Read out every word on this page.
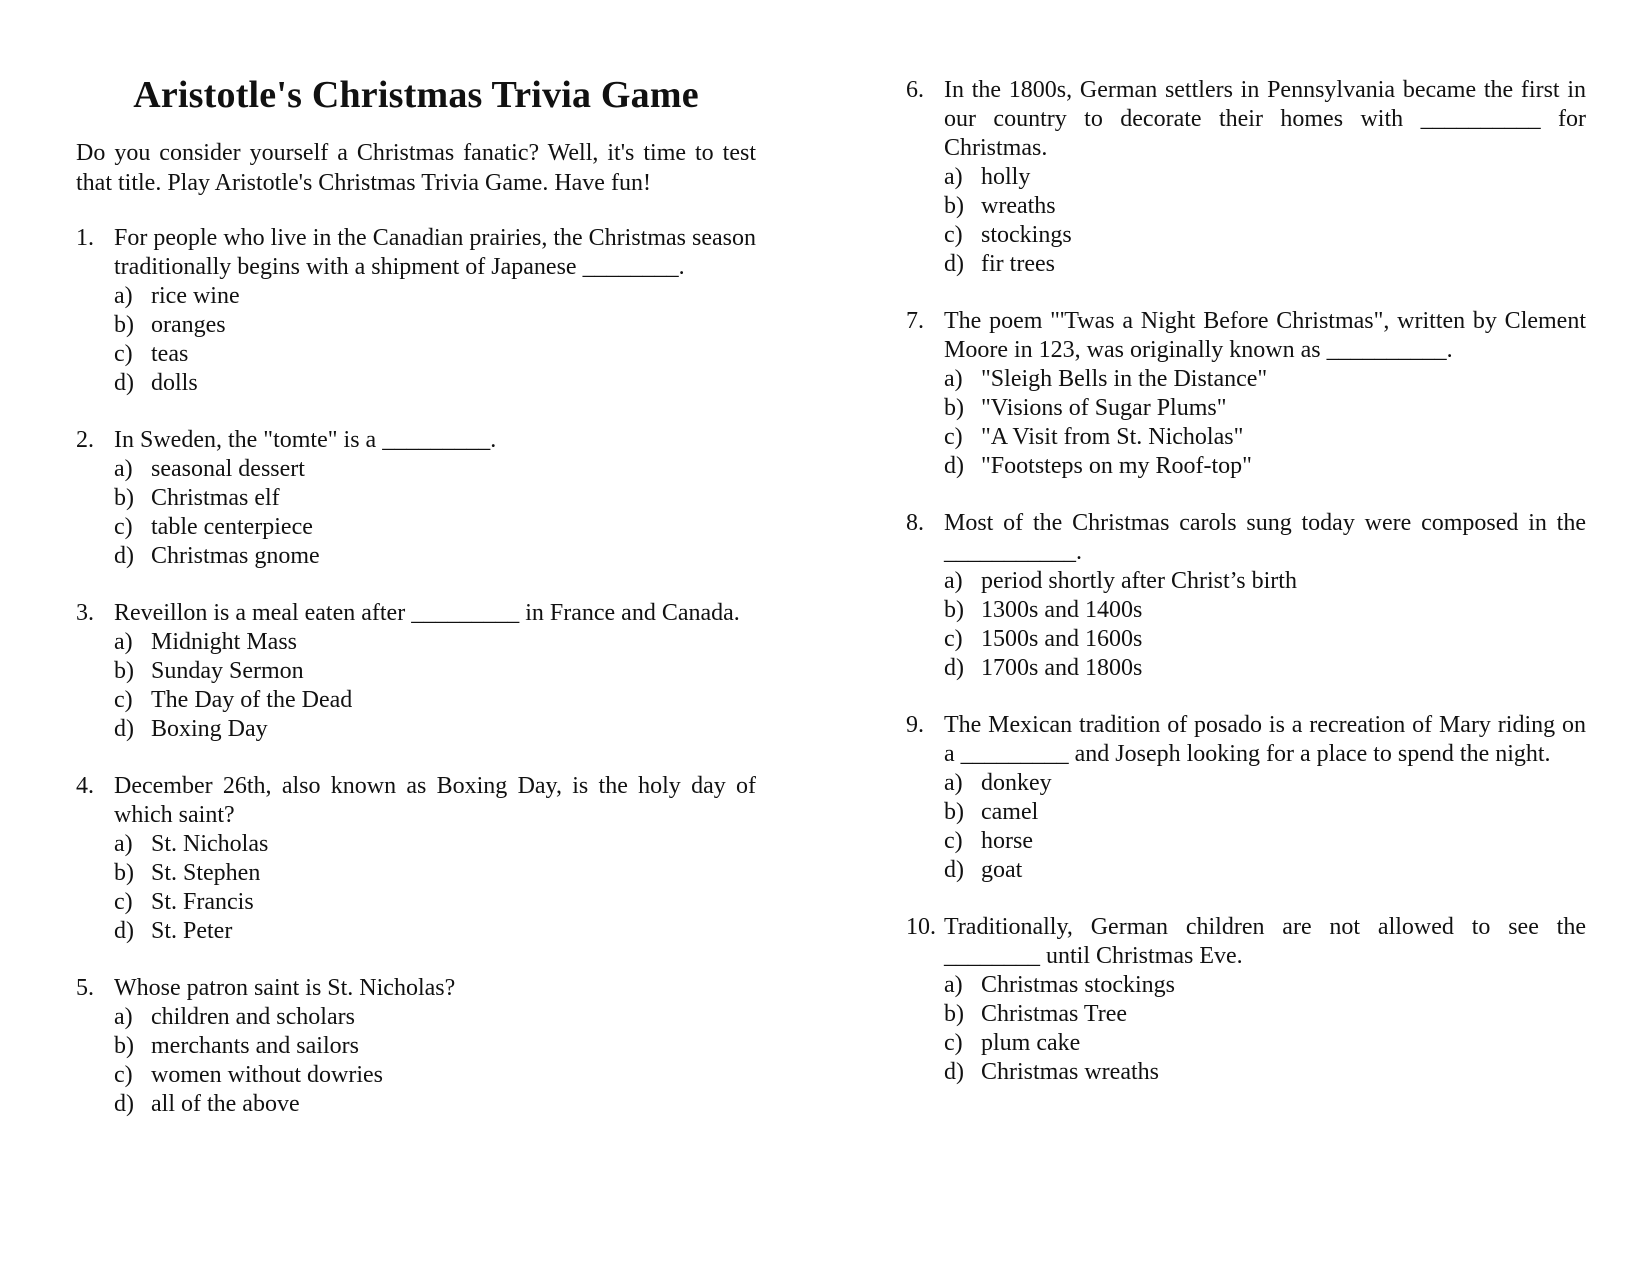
Aristotle's Christmas Trivia Game

Do you consider yourself a Christmas fanatic? Well, it's time to test that title. Play Aristotle's Christmas Trivia Game. Have fun!

1. For people who live in the Canadian prairies, the Christmas season traditionally begins with a shipment of Japanese ________.
a) rice wine
b) oranges
c) teas
d) dolls
2. In Sweden, the "tomte" is a _________.
a) seasonal dessert
b) Christmas elf
c) table centerpiece
d) Christmas gnome
3. Reveillon is a meal eaten after _________ in France and Canada.
a) Midnight Mass
b) Sunday Sermon
c) The Day of the Dead
d) Boxing Day
4. December 26th, also known as Boxing Day, is the holy day of which saint?
a) St. Nicholas
b) St. Stephen
c) St. Francis
d) St. Peter
5. Whose patron saint is St. Nicholas?
a) children and scholars
b) merchants and sailors
c) women without dowries
d) all of the above
6. In the 1800s, German settlers in Pennsylvania became the first in our country to decorate their homes with __________ for Christmas.
a) holly
b) wreaths
c) stockings
d) fir trees
7. The poem "'Twas a Night Before Christmas", written by Clement Moore in 123, was originally known as __________.
a) "Sleigh Bells in the Distance"
b) "Visions of Sugar Plums"
c) "A Visit from St. Nicholas"
d) "Footsteps on my Roof-top"
8. Most of the Christmas carols sung today were composed in the ___________.
a) period shortly after Christ’s birth
b) 1300s and 1400s
c) 1500s and 1600s
d) 1700s and 1800s
9. The Mexican tradition of posado is a recreation of Mary riding on a _________ and Joseph looking for a place to spend the night.
a) donkey
b) camel
c) horse
d) goat
10. Traditionally, German children are not allowed to see the ________ until Christmas Eve.
a) Christmas stockings
b) Christmas Tree
c) plum cake
d) Christmas wreaths
